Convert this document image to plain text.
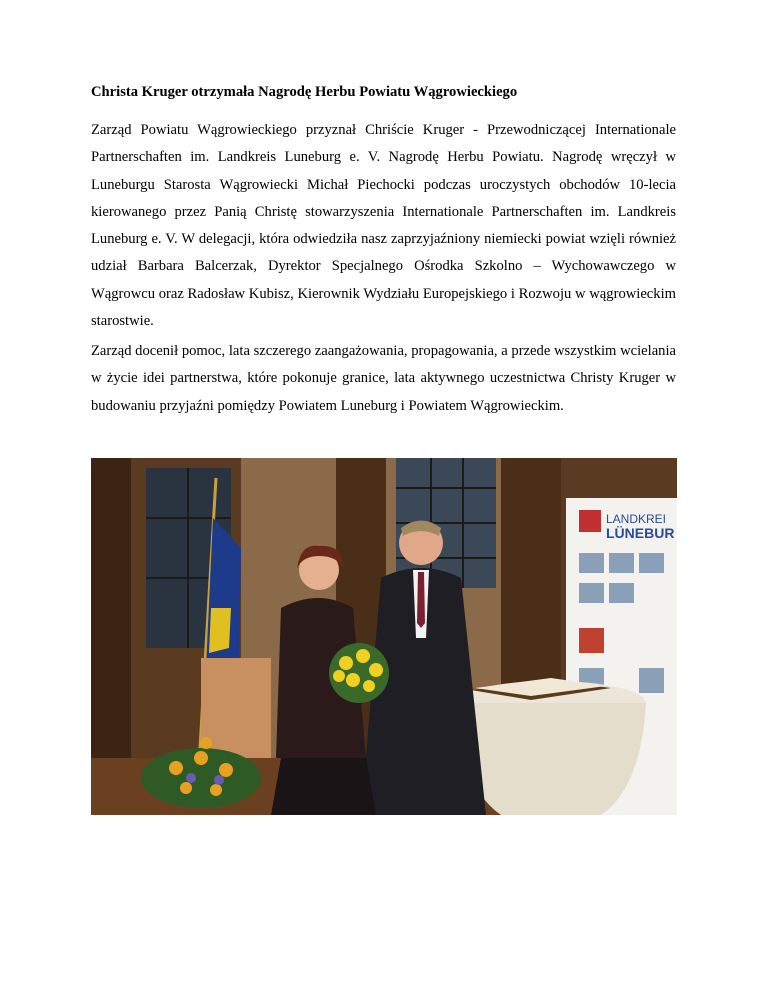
Christa Kruger otrzymała Nagrodę Herbu Powiatu Wągrowieckiego
Zarząd Powiatu Wągrowieckiego przyznał Chriście Kruger - Przewodniczącej Internationale Partnerschaften im. Landkreis Luneburg e. V. Nagrodę Herbu Powiatu. Nagrodę wręczył w Luneburgu Starosta Wągrowiecki Michał Piechocki podczas uroczystych obchodów 10-lecia kierowanego przez Panią Christę stowarzyszenia Internationale Partnerschaften im. Landkreis Luneburg e. V. W delegacji, która odwiedziła nasz zaprzyjaźniony niemiecki powiat wzięli również udział Barbara Balcerzak, Dyrektor Specjalnego Ośrodka Szkolno – Wychowawczego w Wągrowcu oraz Radosław Kubisz, Kierownik Wydziału Europejskiego i Rozwoju w wągrowieckim starostwie.
Zarząd docenił pomoc, lata szczerego zaangażowania, propagowania, a przede wszystkim wcielania w życie idei partnerstwa, które pokonuje granice, lata aktywnego uczestnictwa Christy Kruger w budowaniu przyjaźni pomiędzy Powiatem Luneburg i Powiatem Wągrowieckim.
LANDKREI
LÜNEBUR
